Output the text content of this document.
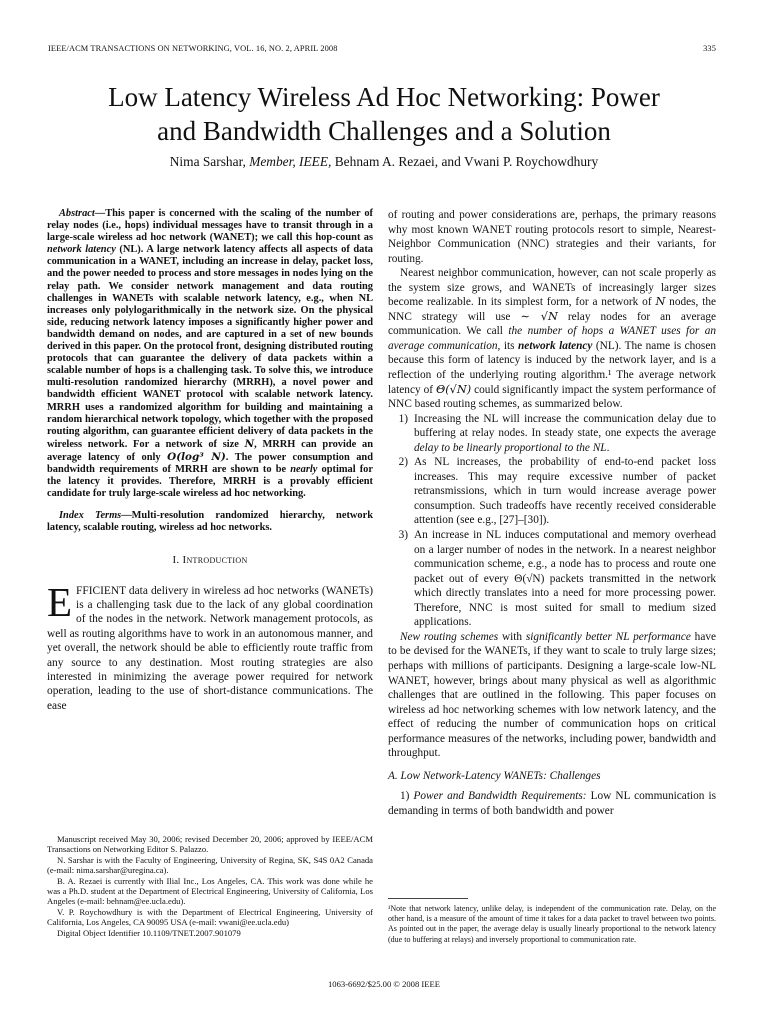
IEEE/ACM TRANSACTIONS ON NETWORKING, VOL. 16, NO. 2, APRIL 2008	335
Low Latency Wireless Ad Hoc Networking: Power
and Bandwidth Challenges and a Solution
Nima Sarshar, Member, IEEE, Behnam A. Rezaei, and Vwani P. Roychowdhury

Abstract—This paper is concerned with the scaling of the number of relay nodes (i.e., hops) individual messages have to transit through in a large-scale wireless ad hoc network (WANET); we call this hop-count as network latency (NL). A large network latency affects all aspects of data communication in a WANET, including an increase in delay, packet loss, and the power needed to process and store messages in nodes lying on the relay path. We consider network management and data routing challenges in WANETs with scalable network latency, e.g., when NL increases only polylogarithmically in the network size. On the physical side, reducing network latency imposes a significantly higher power and bandwidth demand on nodes, and are captured in a set of new bounds derived in this paper. On the protocol front, designing distributed routing protocols that can guarantee the delivery of data packets within a scalable number of hops is a challenging task. To solve this, we introduce multi-resolution randomized hierarchy (MRRH), a novel power and bandwidth efficient WANET protocol with scalable network latency. MRRH uses a randomized algorithm for building and maintaining a random hierarchical network topology, which together with the proposed routing algorithm, can guarantee efficient delivery of data packets in the wireless network. For a network of size N, MRRH can provide an average latency of only O(log³ N). The power consumption and bandwidth requirements of MRRH are shown to be nearly optimal for the latency it provides. Therefore, MRRH is a provably efficient candidate for truly large-scale wireless ad hoc networking.

Index Terms—Multi-resolution randomized hierarchy, network latency, scalable routing, wireless ad hoc networks.

I. Introduction

EFFICIENT data delivery in wireless ad hoc networks (WANETs) is a challenging task due to the lack of any global coordination of the nodes in the network. Network management protocols, as well as routing algorithms have to work in an autonomous manner, and yet overall, the network should be able to efficiently route traffic from any source to any destination. Most routing strategies are also interested in minimizing the average power required for network operation, leading to the use of short-distance communications. The ease

Manuscript received May 30, 2006; revised December 20, 2006; approved by IEEE/ACM Transactions on Networking Editor S. Palazzo.

N. Sarshar is with the Faculty of Engineering, University of Regina, SK, S4S 0A2 Canada (e-mail: nima.sarshar@uregina.ca).

B. A. Rezaei is currently with Ilial Inc., Los Angeles, CA. This work was done while he was a Ph.D. student at the Department of Electrical Engineering, University of California, Los Angeles (e-mail: behnam@ee.ucla.edu).

V. P. Roychowdhury is with the Department of Electrical Engineering, University of California, Los Angeles, CA 90095 USA (e-mail: vwani@ee.ucla.edu)

Digital Object Identifier 10.1109/TNET.2007.901079

of routing and power considerations are, perhaps, the primary reasons why most known WANET routing protocols resort to simple, Nearest-Neighbor Communication (NNC) strategies and their variants, for routing.

Nearest neighbor communication, however, can not scale properly as the system size grows, and WANETs of increasingly larger sizes become realizable. In its simplest form, for a network of N nodes, the NNC strategy will use ∼ √N relay nodes for an average communication. We call the number of hops a WANET uses for an average communication, its network latency (NL). The name is chosen because this form of latency is induced by the network layer, and is a reflection of the underlying routing algorithm.¹ The average network latency of Θ(√N) could significantly impact the system performance of NNC based routing schemes, as summarized below.

1) Increasing the NL will increase the communication delay due to buffering at relay nodes. In steady state, one expects the average delay to be linearly proportional to the NL.
2) As NL increases, the probability of end-to-end packet loss increases. This may require excessive number of packet retransmissions, which in turn would increase average power consumption. Such tradeoffs have recently received considerable attention (see e.g., [27]–[30]).
3) An increase in NL induces computational and memory overhead on a larger number of nodes in the network. In a nearest neighbor communication scheme, e.g., a node has to process and route one packet out of every Θ(√N) packets transmitted in the network which directly translates into a need for more processing power. Therefore, NNC is most suited for small to medium sized applications.

New routing schemes with significantly better NL performance have to be devised for the WANETs, if they want to scale to truly large sizes; perhaps with millions of participants. Designing a large-scale low-NL WANET, however, brings about many physical as well as algorithmic challenges that are outlined in the following. This paper focuses on wireless ad hoc networking schemes with low network latency, and the effect of reducing the number of communication hops on critical performance measures of the networks, including power, bandwidth and throughput.

A. Low Network-Latency WANETs: Challenges

1) Power and Bandwidth Requirements: Low NL communication is demanding in terms of both bandwidth and power

¹Note that network latency, unlike delay, is independent of the communication rate. Delay, on the other hand, is a measure of the amount of time it takes for a data packet to travel between two points. As pointed out in the paper, the average delay is usually linearly proportional to the network latency (due to buffering at relays) and inversely proportional to communication rate.
1063-6692/$25.00 © 2008 IEEE
